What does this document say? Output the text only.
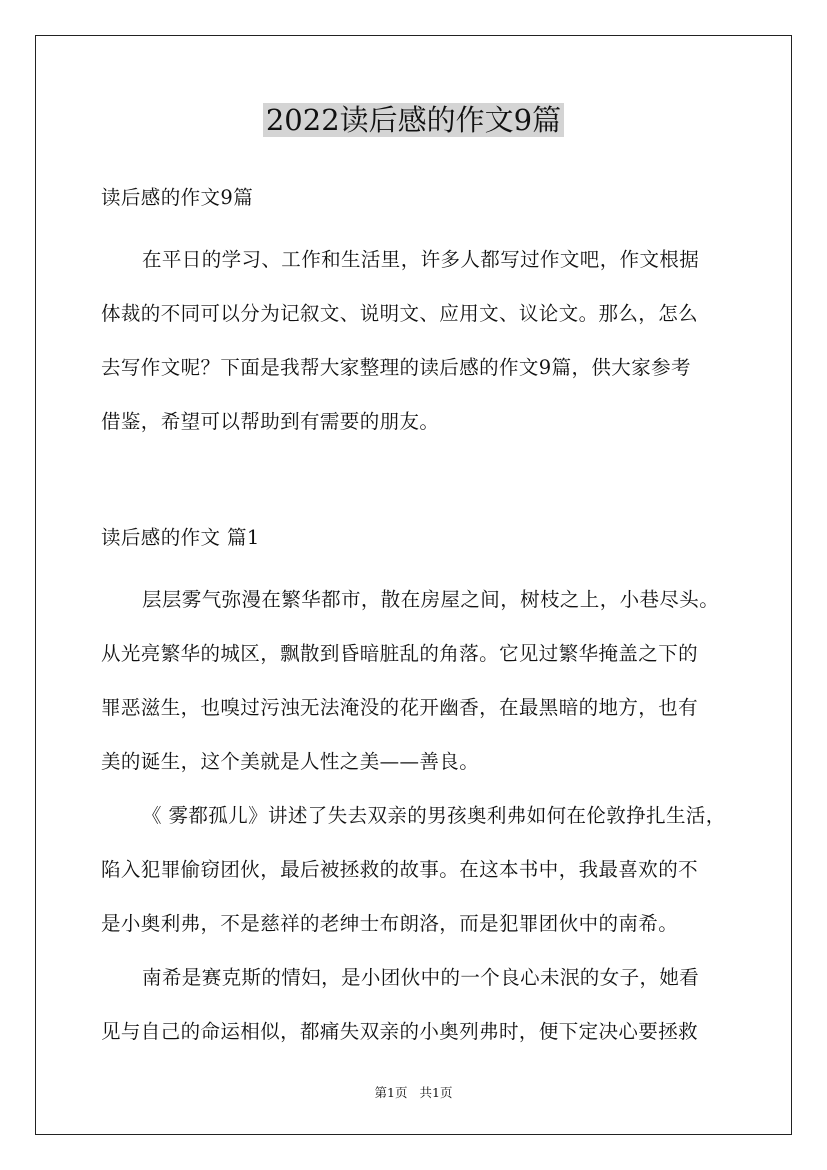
2022读后感的作文9篇
读后感的作文9篇
在平日的学习、工作和生活里，许多人都写过作文吧，作文根据
体裁的不同可以分为记叙文、说明文、应用文、议论文。那么，怎么
去写作文呢？下面是我帮大家整理的读后感的作文9篇，供大家参考
借鉴，希望可以帮助到有需要的朋友。
读后感的作文 篇1
层层雾气弥漫在繁华都市，散在房屋之间，树枝之上，小巷尽头。
从光亮繁华的城区，飘散到昏暗脏乱的角落。它见过繁华掩盖之下的
罪恶滋生，也嗅过污浊无法淹没的花开幽香，在最黑暗的地方，也有
美的诞生，这个美就是人性之美——善良。
《 雾都孤儿》讲述了失去双亲的男孩奥利弗如何在伦敦挣扎生活，
陷入犯罪偷窃团伙，最后被拯救的故事。在这本书中，我最喜欢的不
是小奥利弗，不是慈祥的老绅士布朗洛，而是犯罪团伙中的南希。
南希是赛克斯的情妇，是小团伙中的一个良心未泯的女子，她看
见与自己的命运相似，都痛失双亲的小奥列弗时，便下定决心要拯救
第1页 共1页
